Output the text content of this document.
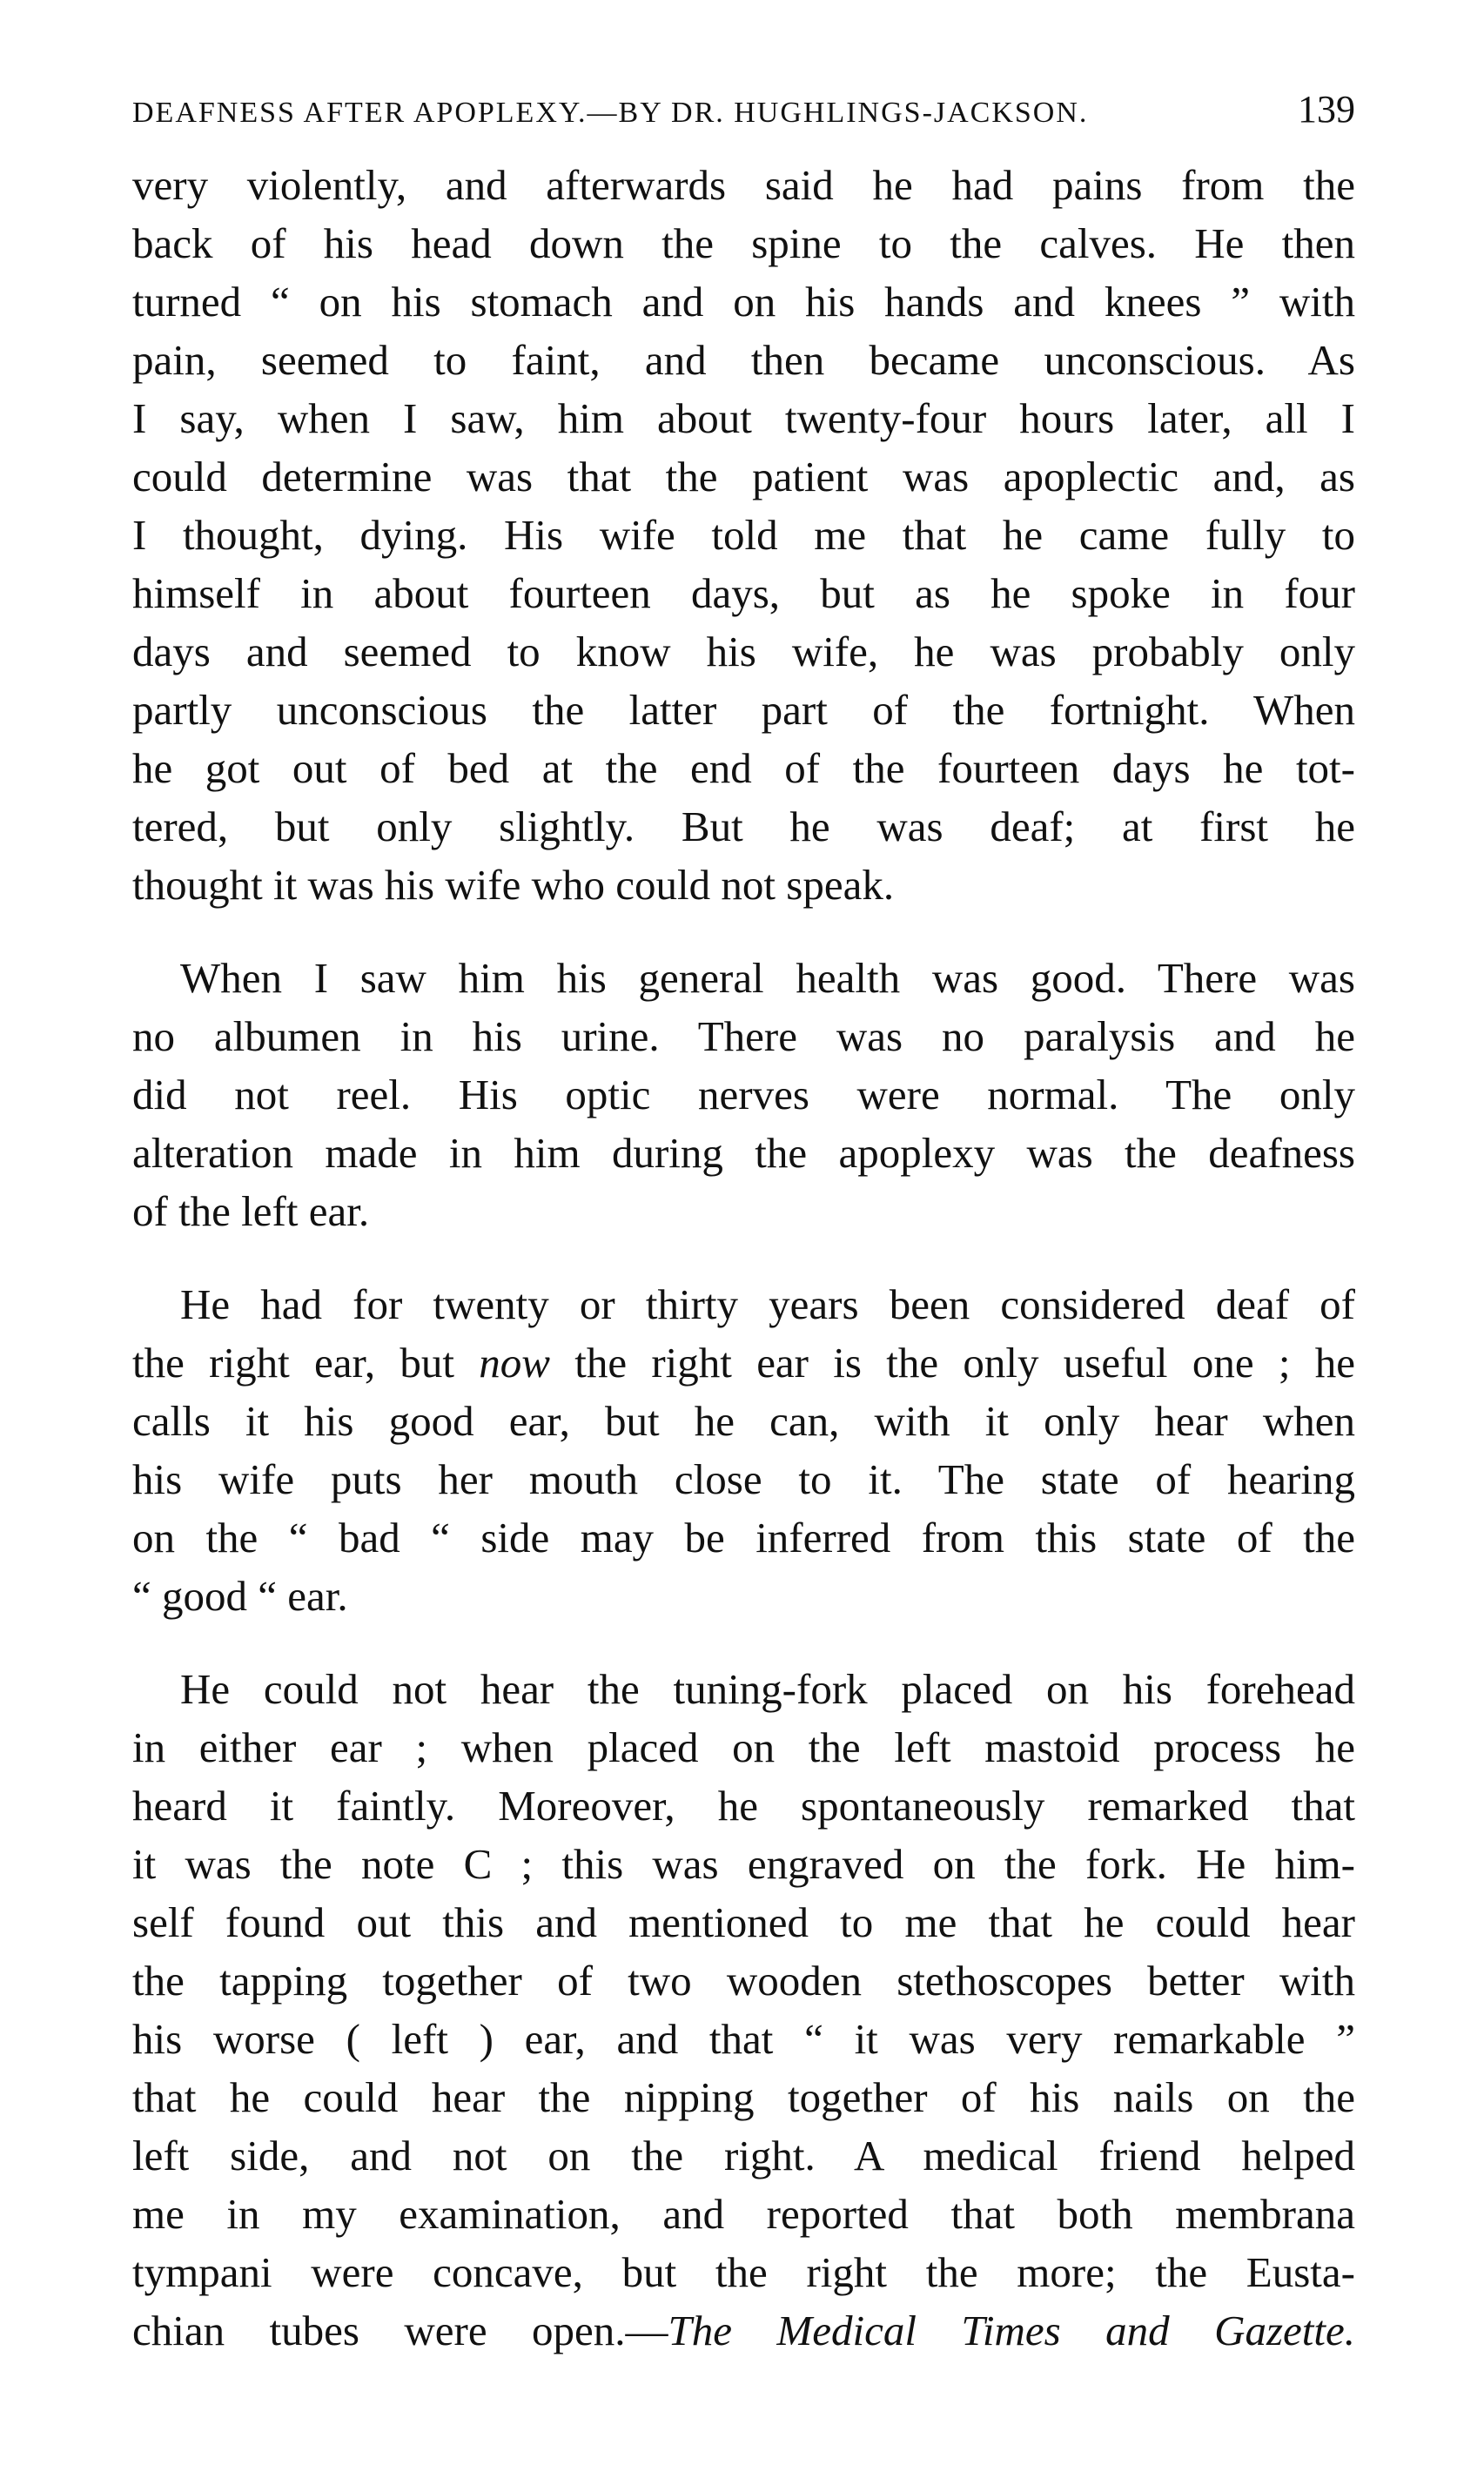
DEAFNESS AFTER APOPLEXY.—BY DR. HUGHLINGS-JACKSON.	139
very violently, and afterwards said he had pains from the
back of his head down the spine to the calves. He then
turned “ on his stomach and on his hands and knees ” with
pain, seemed to faint, and then became unconscious. As
I say, when I saw, him about twenty-four hours later, all I
could determine was that the patient was apoplectic and, as
I thought, dying. His wife told me that he came fully to
himself in about fourteen days, but as he spoke in four
days and seemed to know his wife, he was probably only
partly unconscious the latter part of the fortnight. When
he got out of bed at the end of the fourteen days he tot-
tered, but only slightly. But he was deaf; at first he
thought it was his wife who could not speak.
When I saw him his general health was good. There was
no albumen in his urine. There was no paralysis and he
did not reel. His optic nerves were normal. The only
alteration made in him during the apoplexy was the deafness
of the left ear.
He had for twenty or thirty years been considered deaf of
the right ear, but now the right ear is the only useful one ; he
calls it his good ear, but he can, with it only hear when
his wife puts her mouth close to it. The state of hearing
on the “ bad “ side may be inferred from this state of the
“ good “ ear.
He could not hear the tuning-fork placed on his forehead
in either ear ; when placed on the left mastoid process he
heard it faintly. Moreover, he spontaneously remarked that
it was the note C ; this was engraved on the fork. He him-
self found out this and mentioned to me that he could hear
the tapping together of two wooden stethoscopes better with
his worse ( left ) ear, and that “ it was very remarkable ”
that he could hear the nipping together of his nails on the
left side, and not on the right. A medical friend helped
me in my examination, and reported that both membrana
tympani were concave, but the right the more; the Eusta-
chian tubes were open.—The Medical Times and Gazette.
